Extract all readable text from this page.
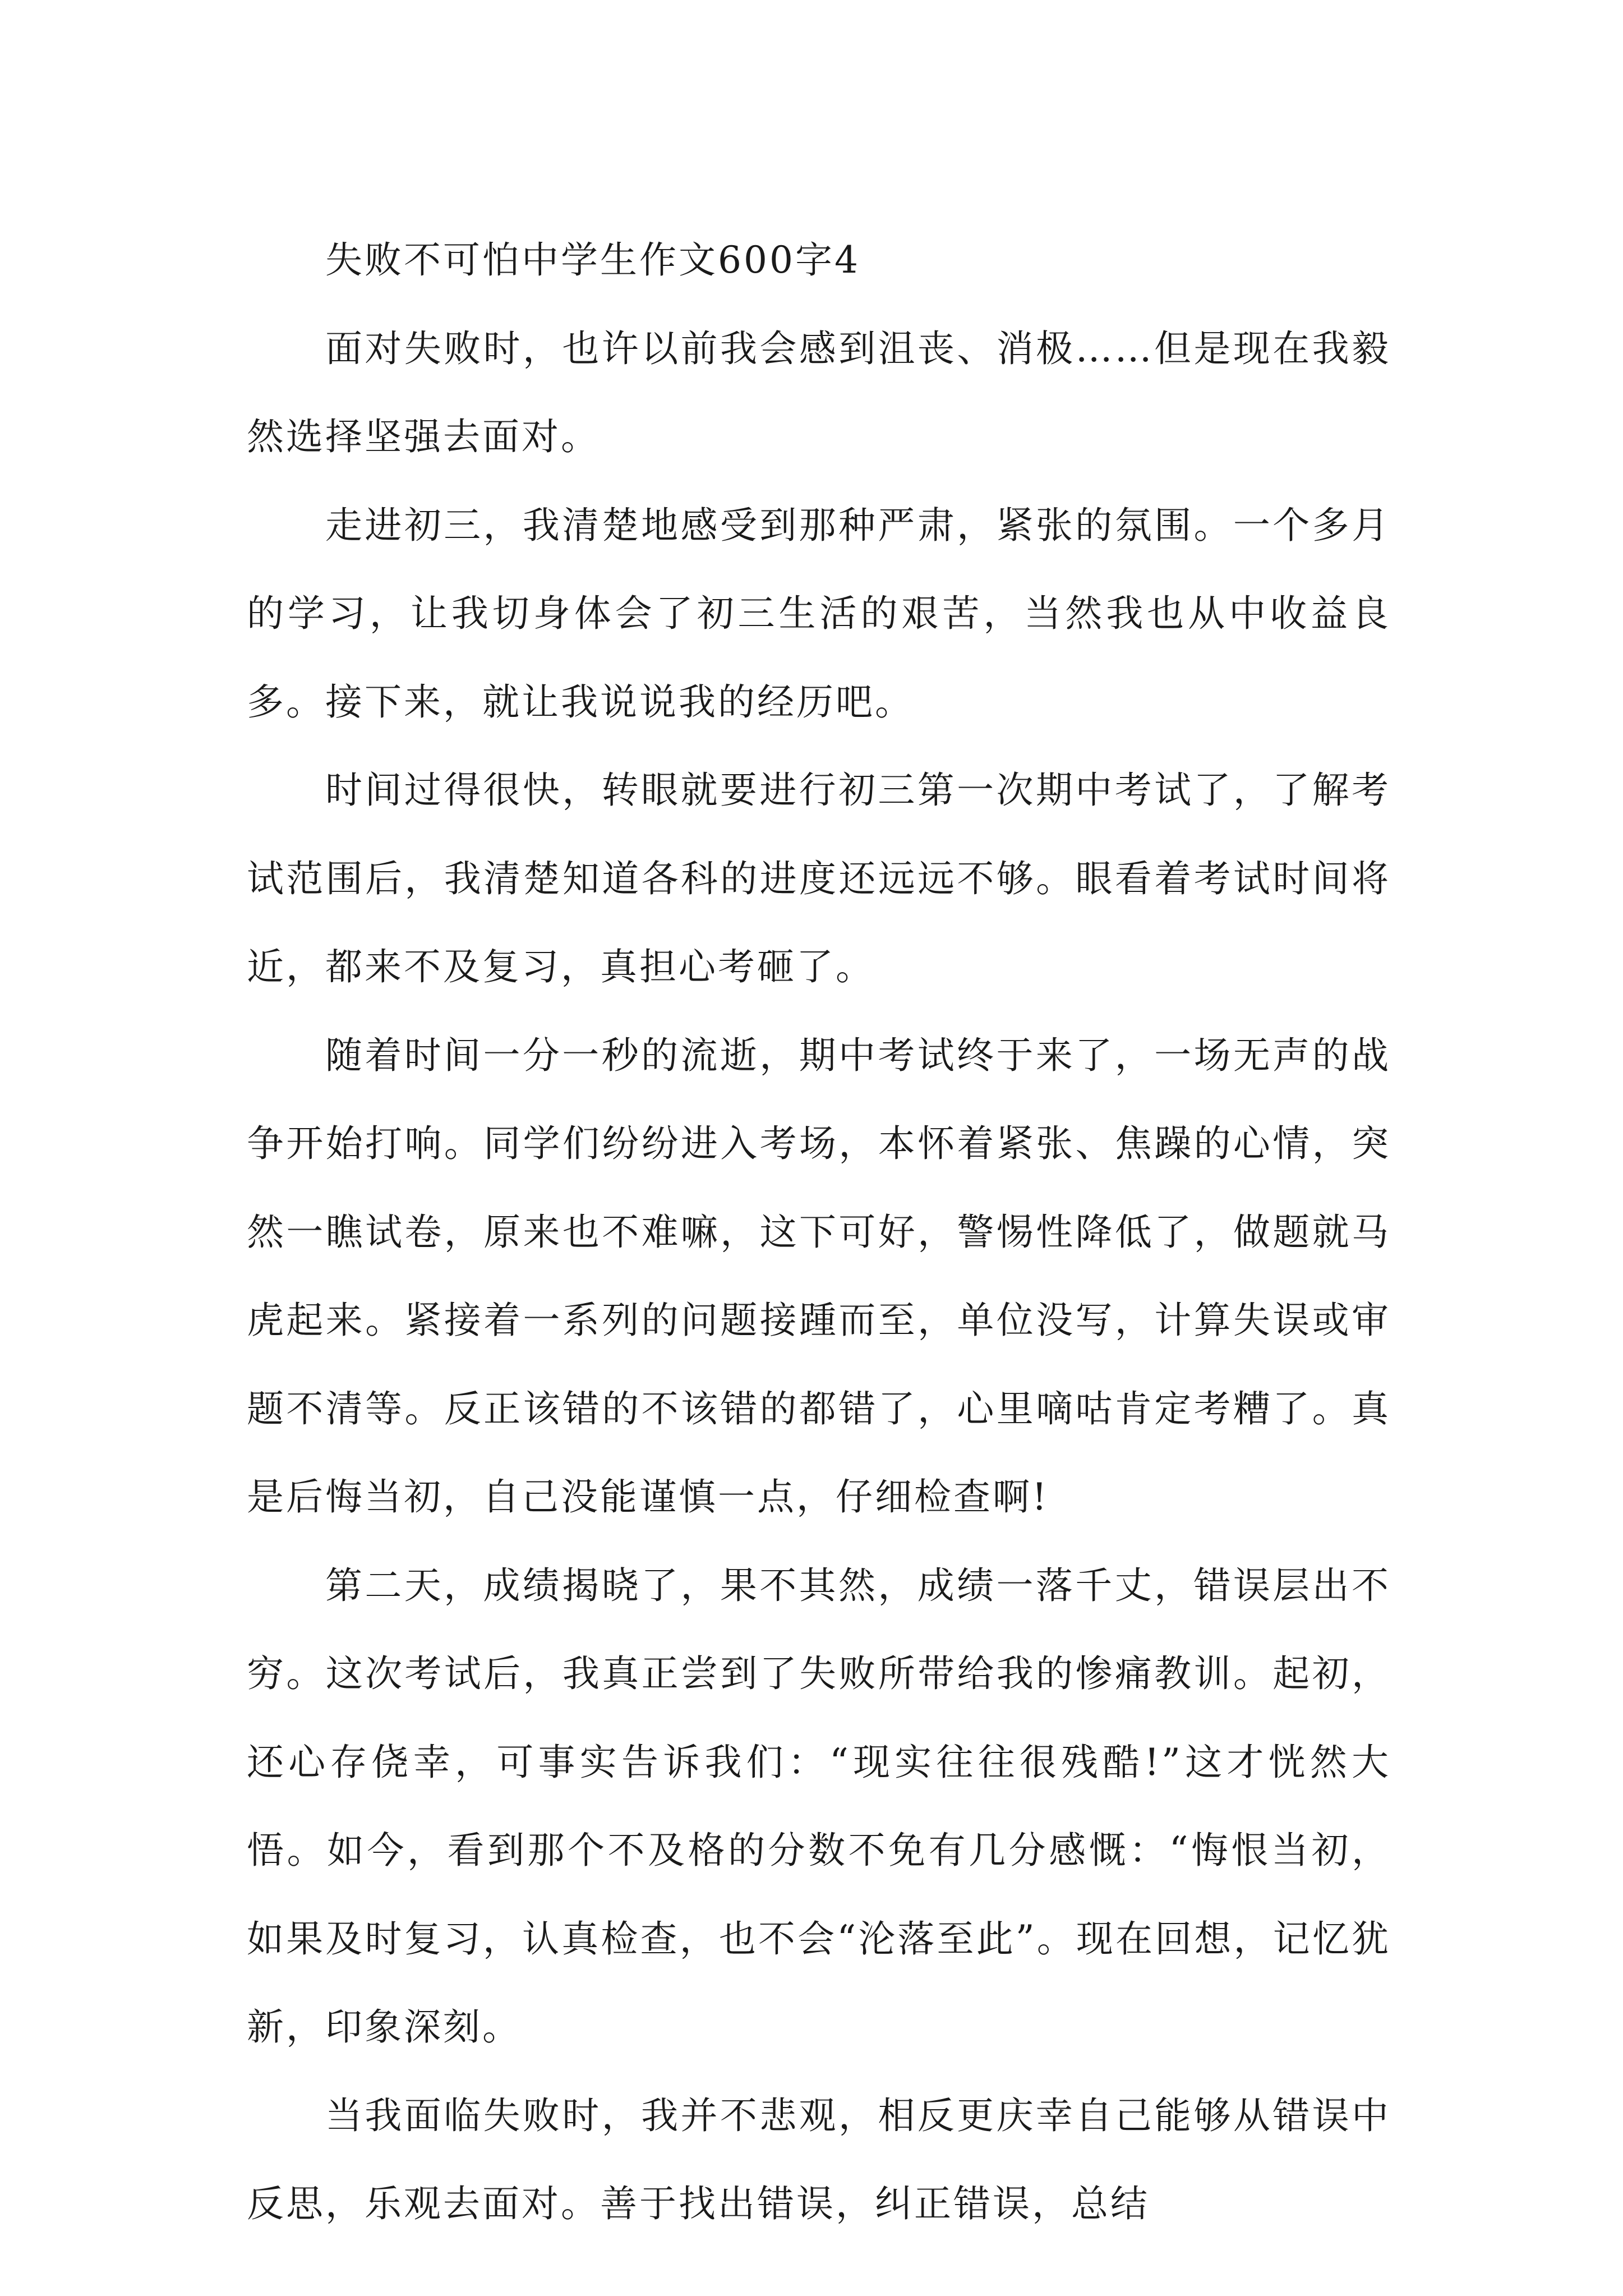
失败不可怕中学生作文600字4

面对失败时，也许以前我会感到沮丧、消极……但是现在我毅然选择坚强去面对。

走进初三，我清楚地感受到那种严肃，紧张的氛围。一个多月的学习，让我切身体会了初三生活的艰苦，当然我也从中收益良多。接下来，就让我说说我的经历吧。

时间过得很快，转眼就要进行初三第一次期中考试了，了解考试范围后，我清楚知道各科的进度还远远不够。眼看着考试时间将近，都来不及复习，真担心考砸了。

随着时间一分一秒的流逝，期中考试终于来了，一场无声的战争开始打响。同学们纷纷进入考场，本怀着紧张、焦躁的心情，突然一瞧试卷，原来也不难嘛，这下可好，警惕性降低了，做题就马虎起来。紧接着一系列的问题接踵而至，单位没写，计算失误或审题不清等。反正该错的不该错的都错了，心里嘀咕肯定考糟了。真是后悔当初，自己没能谨慎一点，仔细检查啊!

第二天，成绩揭晓了，果不其然，成绩一落千丈，错误层出不穷。这次考试后，我真正尝到了失败所带给我的惨痛教训。起初，还心存侥幸，可事实告诉我们：“现实往往很残酷!”这才恍然大悟。如今，看到那个不及格的分数不免有几分感慨：“悔恨当初，如果及时复习，认真检查，也不会“沦落至此”。现在回想，记忆犹新，印象深刻。

当我面临失败时，我并不悲观，相反更庆幸自己能够从错误中反思，乐观去面对。善于找出错误，纠正错误，总结
